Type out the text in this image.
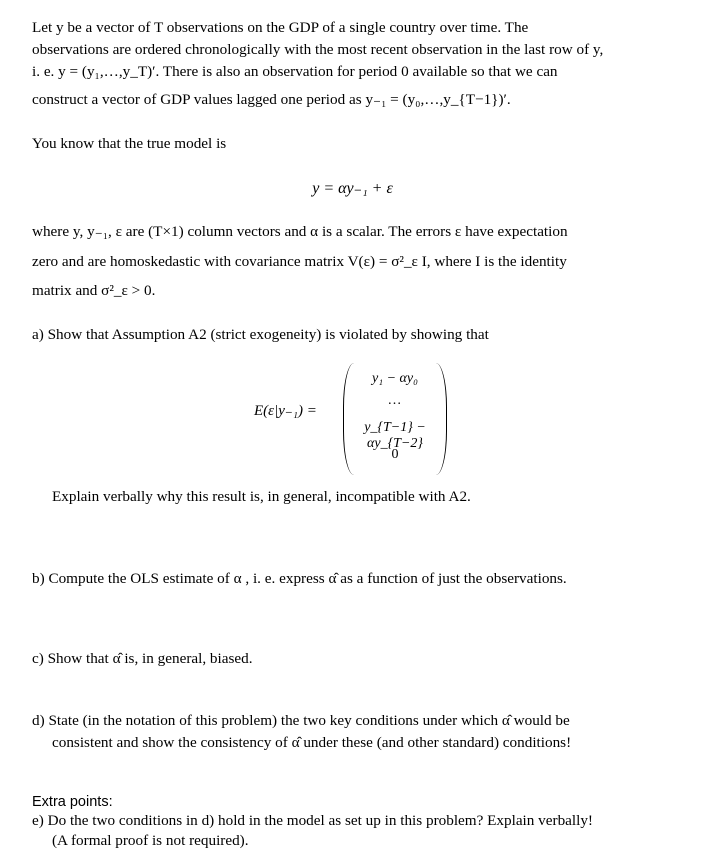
Let y be a vector of T observations on the GDP of a single country over time. The
observations are ordered chronologically with the most recent observation in the last row of y,
i. e. y = (y₁,…,y_T)′. There is also an observation for period 0 available so that we can
construct a vector of GDP values lagged one period as y₋₁ = (y₀,…,y_{T−1})′.
You know that the true model is
y = αy₋₁ + ε
where y, y₋₁, ε are (T×1) column vectors and α is a scalar. The errors ε have expectation
zero and are homoskedastic with covariance matrix V(ε) = σ²_ε I, where I is the identity
matrix and σ²_ε > 0.
a) Show that Assumption A2 (strict exogeneity) is violated by showing that
E(ε|y₋₁) =
y₁ − αy₀
…
y_{T−1} − αy_{T−2}
0
Explain verbally why this result is, in general, incompatible with A2.
b) Compute the OLS estimate of α , i. e. express α̂ as a function of just the observations.
c) Show that α̂ is, in general, biased.
d) State (in the notation of this problem) the two key conditions under which α̂ would be
consistent and show the consistency of α̂ under these (and other standard) conditions!
Extra points:
e) Do the two conditions in d) hold in the model as set up in this problem? Explain verbally!
(A formal proof is not required).
